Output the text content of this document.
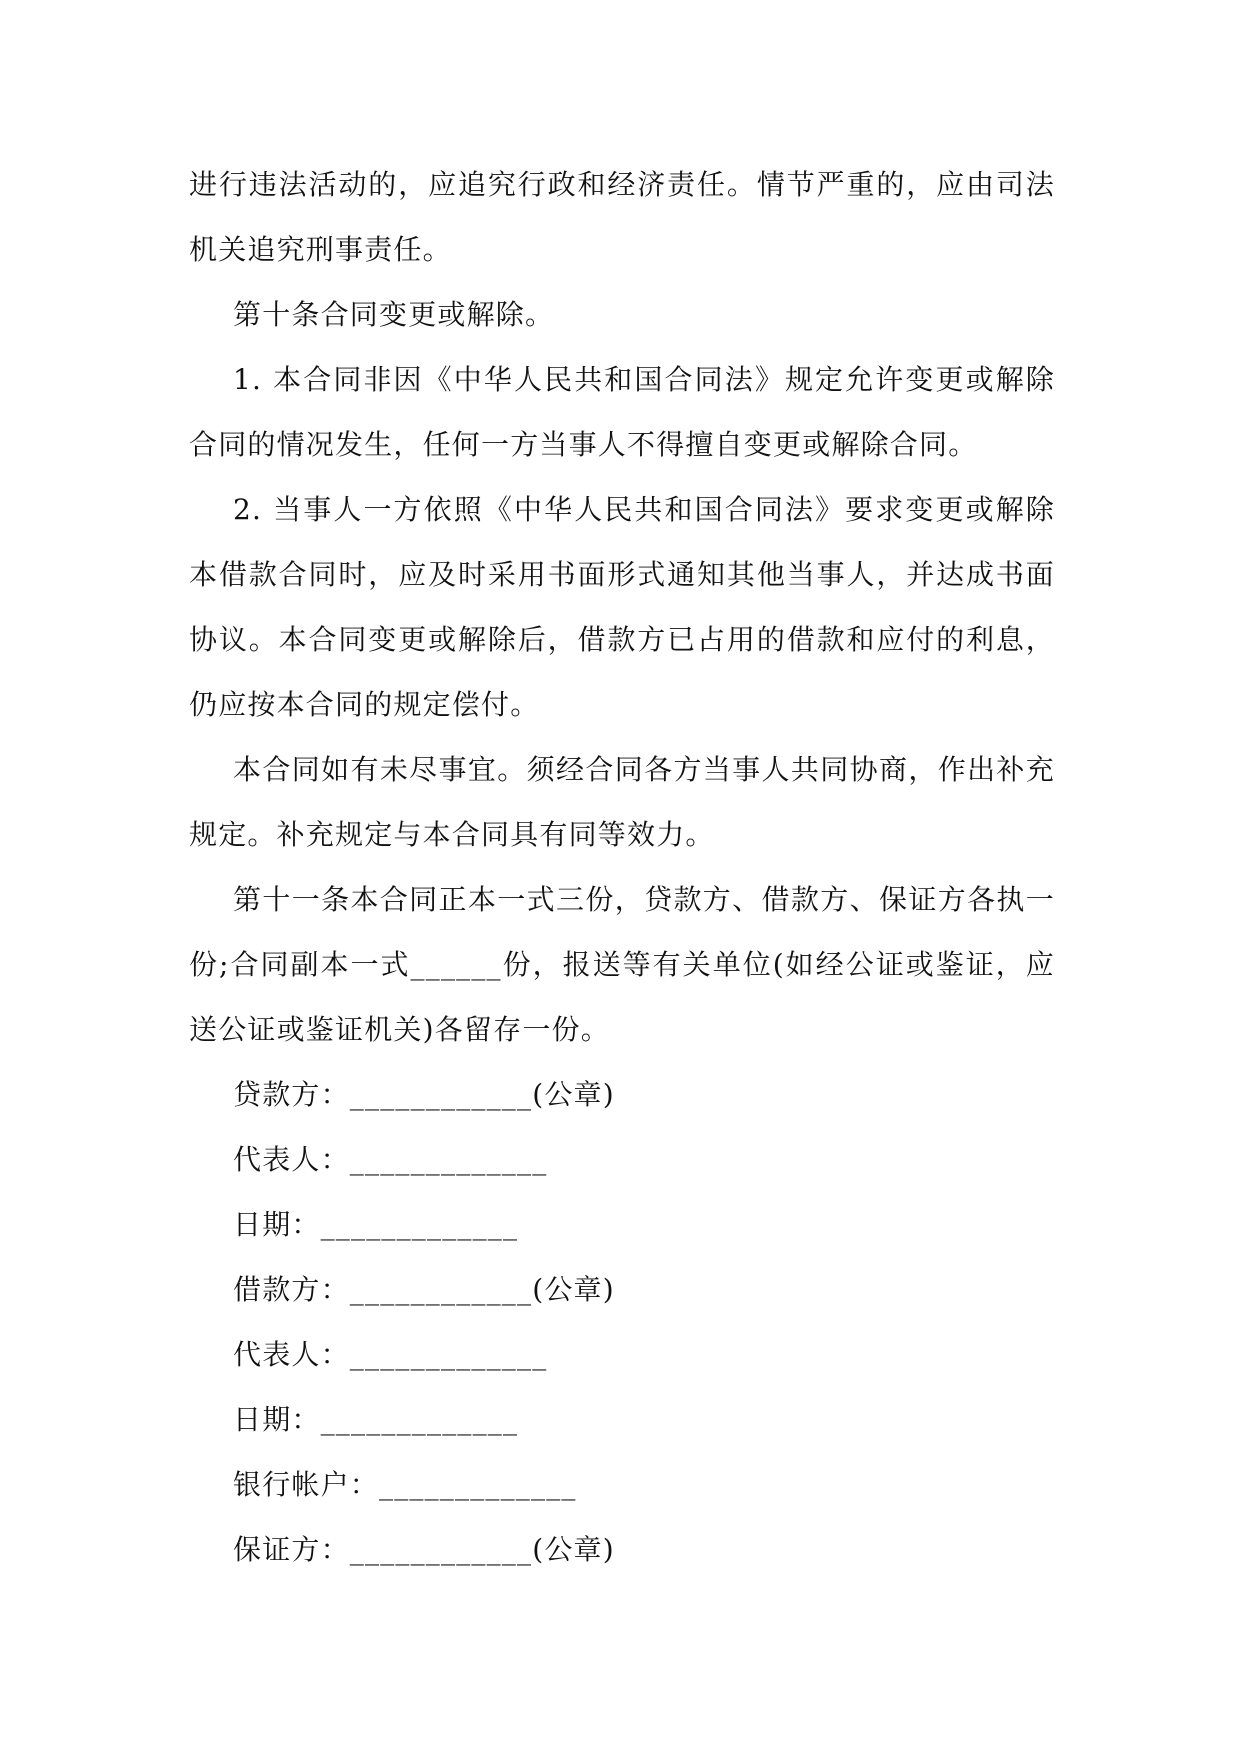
进行违法活动的，应追究行政和经济责任。情节严重的，应由司法机关追究刑事责任。

第十条合同变更或解除。

1. 本合同非因《中华人民共和国合同法》规定允许变更或解除合同的情况发生，任何一方当事人不得擅自变更或解除合同。

2. 当事人一方依照《中华人民共和国合同法》要求变更或解除本借款合同时，应及时采用书面形式通知其他当事人，并达成书面协议。本合同变更或解除后，借款方已占用的借款和应付的利息，仍应按本合同的规定偿付。

本合同如有未尽事宜。须经合同各方当事人共同协商，作出补充规定。补充规定与本合同具有同等效力。

第十一条本合同正本一式三份，贷款方、借款方、保证方各执一份;合同副本一式______份，报送等有关单位(如经公证或鉴证，应送公证或鉴证机关)各留存一份。

贷款方：____________(公章)
代表人：_____________
日期：_____________
借款方：____________(公章)
代表人：_____________
日期：_____________
银行帐户：_____________
保证方：____________(公章)
